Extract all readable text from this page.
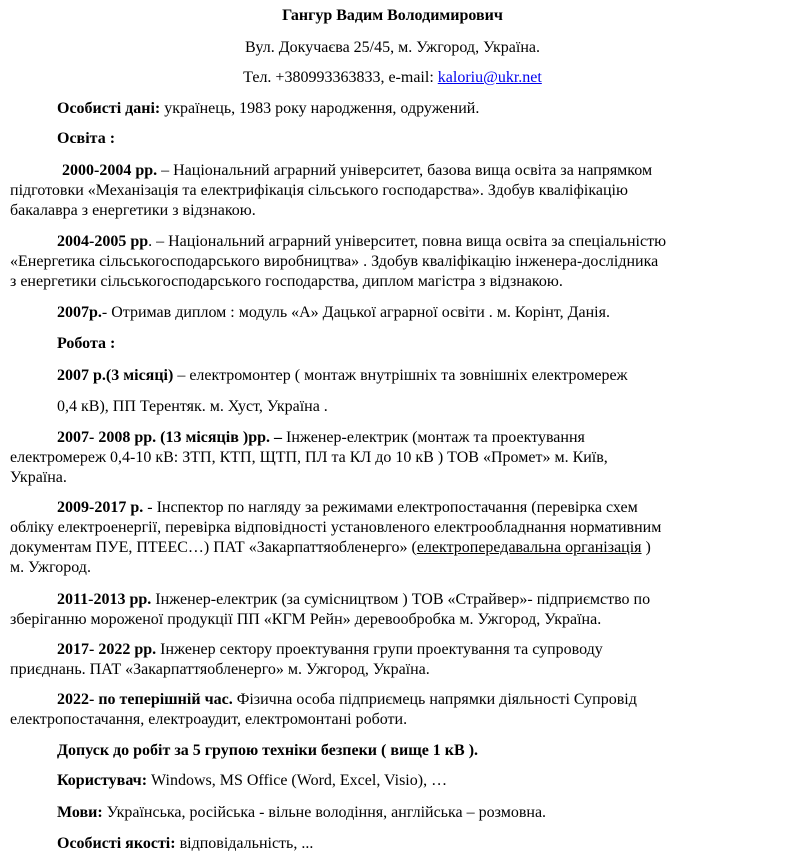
Гангур Вадим Володимирович
Вул. Докучаєва 25/45, м. Ужгород, Україна.
Тел. +380993363833, e-mail: kaloriu@ukr.net
Особисті дані: українець, 1983 року народження, одружений.
Освіта :
2000-2004 рр. – Національний аграрний університет, базова вища освіта за напрямком
підготовки «Механізація та електрифікація сільського господарства». Здобув кваліфікацію
бакалавра з енергетики з відзнакою.
2004-2005 рр. – Національний аграрний університет, повна вища освіта за спеціальністю
«Енергетика сільськогосподарського виробництва» . Здобув кваліфікацію інженера-дослідника
з енергетики сільськогосподарського господарства, диплом магістра з відзнакою.
2007р.- Отримав диплом : модуль «А» Дацької аграрної освіти . м. Корінт, Данія.
Робота :
2007 р.(3 місяці) – електромонтер ( монтаж внутрішніх та зовнішніх електромереж
0,4 кВ), ПП Терентяк. м. Хуст, Україна .
2007- 2008 рр. (13 місяців )рр. – Інженер-електрик (монтаж та проектування
електромереж 0,4-10 кВ: ЗТП, КТП, ЩТП, ПЛ та КЛ до 10 кВ ) ТОВ «Промет» м. Київ,
Україна.
2009-2017 р. - Інспектор по нагляду за режимами електропостачання (перевірка схем
обліку електроенергії, перевірка відповідності установленого електрообладнання нормативним
документам ПУЕ, ПТЕЕС…) ПАТ «Закарпаттяобленерго» (електропередавальна організація )
м. Ужгород.
2011-2013 рр. Інженер-електрик (за сумісництвом ) ТОВ «Страйвер»- підприємство по
зберіганню мороженої продукції ПП «КГМ Рейн» деревообробка м. Ужгород, Україна.
2017- 2022 рр. Інженер сектору проектування групи проектування та супроводу
приєднань. ПАТ «Закарпаттяобленерго» м. Ужгород, Україна.
2022- по теперішній час. Фізична особа підприємець напрямки діяльності Супровід
електропостачання, електроаудит, електромонтані роботи.
Допуск до робіт за 5 групою техніки безпеки ( вище 1 кВ ).
Користувач: Windows, MS Office (Word, Excel, Visio), …
Мови: Українська, російська - вільне володіння, англійська – розмовна.
Особисті якості: відповідальність, ...
